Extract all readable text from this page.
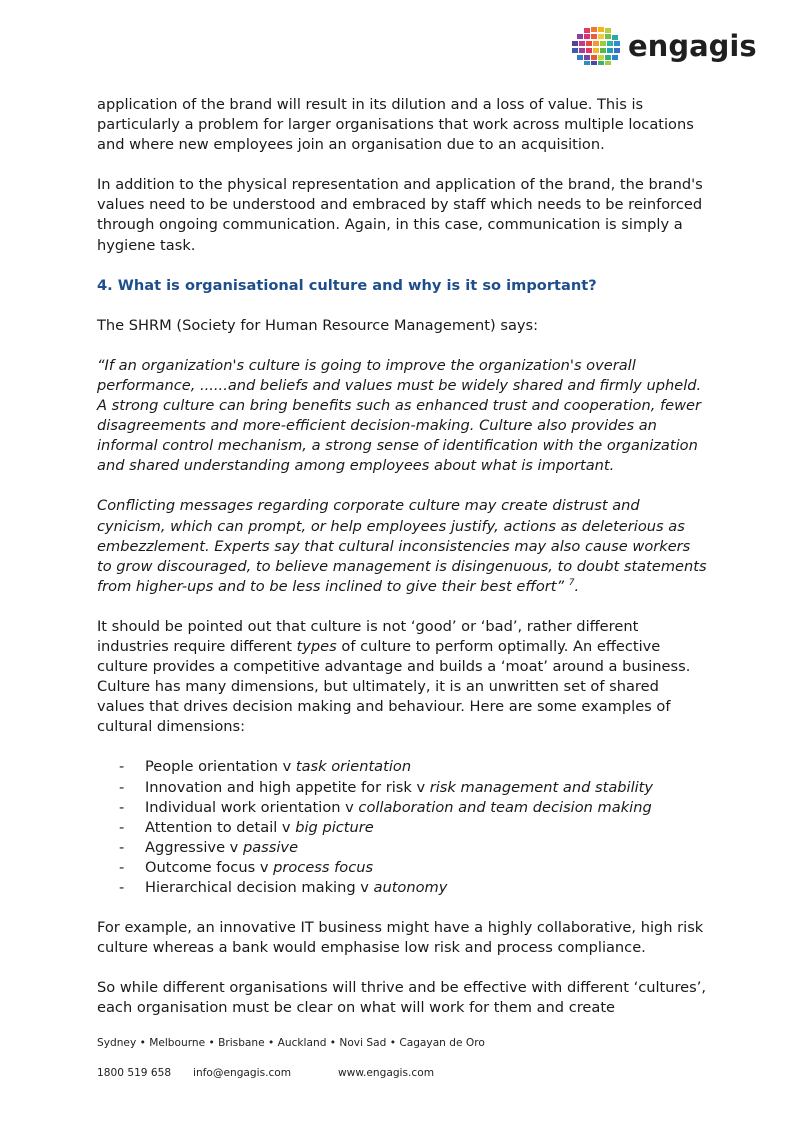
engagis

application of the brand will result in its dilution and a loss of value. This is particularly a problem for larger organisations that work across multiple locations and where new employees join an organisation due to an acquisition.

In addition to the physical representation and application of the brand, the brand's values need to be understood and embraced by staff which needs to be reinforced through ongoing communication. Again, in this case, communication is simply a hygiene task.

4. What is organisational culture and why is it so important?

The SHRM (Society for Human Resource Management) says:

“If an organization's culture is going to improve the organization's overall performance, ......and beliefs and values must be widely shared and firmly upheld. A strong culture can bring benefits such as enhanced trust and cooperation, fewer disagreements and more-efficient decision-making. Culture also provides an informal control mechanism, a strong sense of identification with the organization and shared understanding among employees about what is important.

Conflicting messages regarding corporate culture may create distrust and cynicism, which can prompt, or help employees justify, actions as deleterious as embezzlement. Experts say that cultural inconsistencies may also cause workers to grow discouraged, to believe management is disingenuous, to doubt statements from higher-ups and to be less inclined to give their best effort” $^7$.

It should be pointed out that culture is not ‘good’ or ‘bad’, rather different industries require different types of culture to perform optimally. An effective culture provides a competitive advantage and builds a ‘moat’ around a business. Culture has many dimensions, but ultimately, it is an unwritten set of shared values that drives decision making and behaviour. Here are some examples of cultural dimensions:

- People orientation v task orientation
- Innovation and high appetite for risk v risk management and stability
- Individual work orientation v collaboration and team decision making
- Attention to detail v big picture
- Aggressive v passive
- Outcome focus v process focus
- Hierarchical decision making v autonomy

For example, an innovative IT business might have a highly collaborative, high risk culture whereas a bank would emphasise low risk and process compliance.

So while different organisations will thrive and be effective with different ‘cultures’, each organisation must be clear on what will work for them and create

Sydney • Melbourne • Brisbane • Auckland • Novi Sad • Cagayan de Oro
1800 519 658	info@engagis.com	www.engagis.com
